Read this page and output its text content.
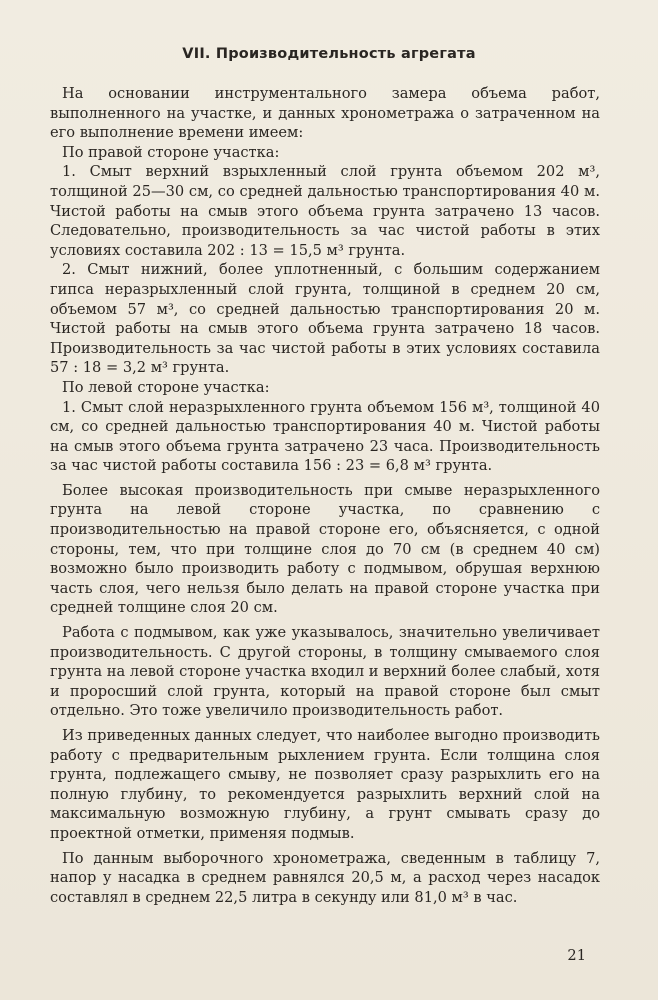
VII. Производительность агрегата

На основании инструментального замера объема работ, выполненного на участке, и данных хронометража о затраченном на его выполнение времени имеем:

По правой стороне участка:

1. Смыт верхний взрыхленный слой грунта объемом 202 м³, толщиной 25—30 см, со средней дальностью транспортирования 40 м. Чистой работы на смыв этого объема грунта затрачено 13 часов. Следовательно, производительность за час чистой работы в этих условиях составила 202 : 13 = 15,5 м³ грунта.

2. Смыт нижний, более уплотненный, с большим содержанием гипса неразрыхленный слой грунта, толщиной в среднем 20 см, объемом 57 м³, со средней дальностью транспортирования 20 м. Чистой работы на смыв этого объема грунта затрачено 18 часов. Производительность за час чистой работы в этих условиях составила 57 : 18 = 3,2 м³ грунта.

По левой стороне участка:

1. Смыт слой неразрыхленного грунта объемом 156 м³, толщиной 40 см, со средней дальностью транспортирования 40 м. Чистой работы на смыв этого объема грунта затрачено 23 часа. Производительность за час чистой работы составила 156 : 23 = 6,8 м³ грунта.

Более высокая производительность при смыве неразрыхленного грунта на левой стороне участка, по сравнению с производительностью на правой стороне его, объясняется, с одной стороны, тем, что при толщине слоя до 70 см (в среднем 40 см) возможно было производить работу с подмывом, обрушая верхнюю часть слоя, чего нельзя было делать на правой стороне участка при средней толщине слоя 20 см.

Работа с подмывом, как уже указывалось, значительно увеличивает производительность. С другой стороны, в толщину смываемого слоя грунта на левой стороне участка входил и верхний более слабый, хотя и проросший слой грунта, который на правой стороне был смыт отдельно. Это тоже увеличило производительность работ.

Из приведенных данных следует, что наиболее выгодно производить работу с предварительным рыхлением грунта. Если толщина слоя грунта, подлежащего смыву, не позволяет сразу разрыхлить его на полную глубину, то рекомендуется разрыхлить верхний слой на максимальную возможную глубину, а грунт смывать сразу до проектной отметки, применяя подмыв.

По данным выборочного хронометража, сведенным в таблицу 7, напор у насадка в среднем равнялся 20,5 м, а расход через насадок составлял в среднем 22,5 литра в секунду или 81,0 м³ в час.

21
